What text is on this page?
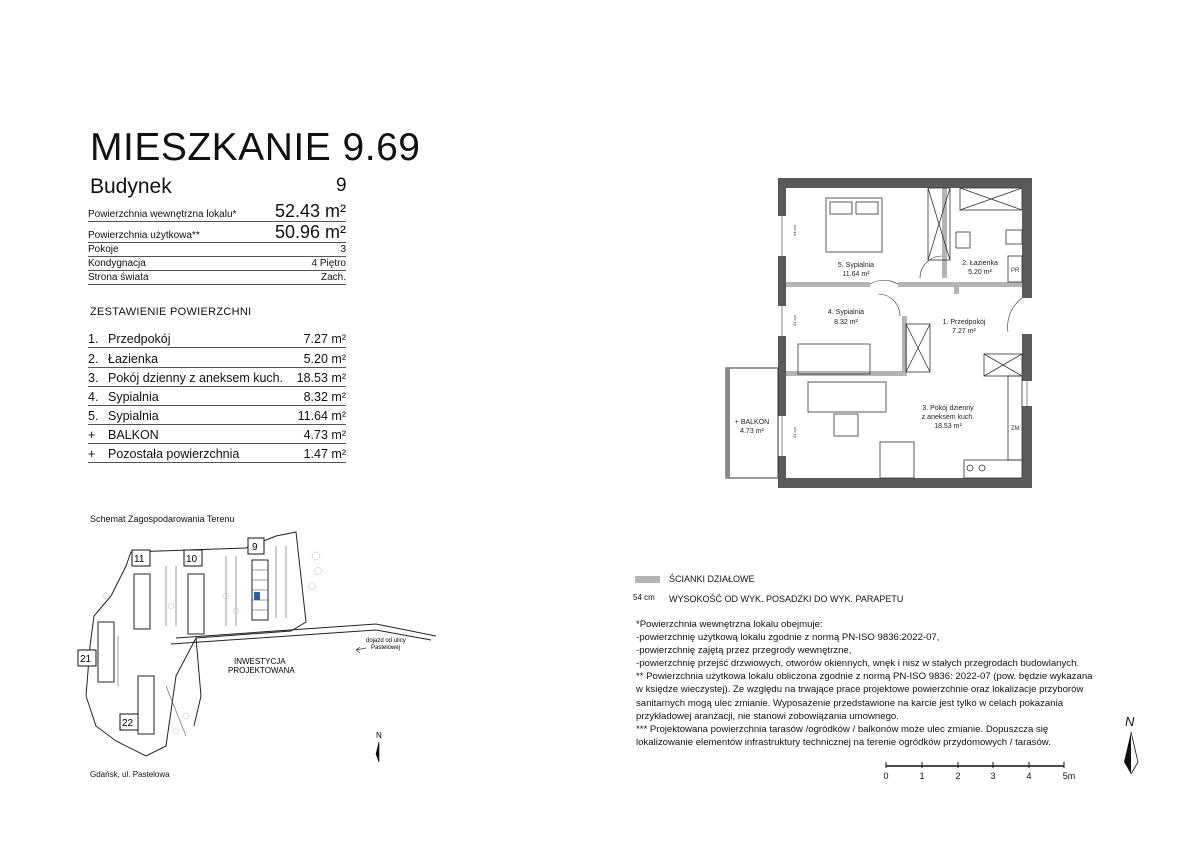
MIESZKANIE 9.69
Budynek	9
Powierzchnia wewnętrzna lokalu* 52.43 m²
Powierzchnia użytkowa**	50.96 m²
Pokoje	3
Kondygnacja	4 Piętro
Strona świata	Zach.
ZESTAWIENIE POWIERZCHNI
1. Przedpokój	7.27 m²
2. Łazienka	5.20 m²
3. Pokój dzienny z aneksem kuch. 18.53 m²
4. Sypialnia	8.32 m²
5. Sypialnia	11.64 m²
+ BALKON	4.73 m²
+ Pozostała powierzchnia	1.47 m²
Schemat Zagospodarowania Terenu
11	10
9
21
22
INWESTYCJA
PROJEKTOWANA
dojazd od ulicy
Pastelowej
N
Gdańsk, ul. Pastelowa
PR
ZM
5. Sypialnia
11.64 m²
2. Łazienka
5.20 m²
4. Sypialnia
8.32 m²	1. Przedpokój
7.27 m²
3. Pokój dzienny
z aneksem kuch.
18.53 m²
+ BALKON
4.73 m²
54 cm
54 cm
54 cm
ŚCIANKI DZIAŁOWE
54 cm WYSOKOŚĆ OD WYK. POSADZKI DO WYK. PARAPETU
*Powierzchnia wewnętrzna lokalu obejmuje:
-powierzchnię użytkową lokalu zgodnie z normą PN-ISO 9836:2022-07,
-powierzchnię zajętą przez przegrody wewnętrzne,
-powierzchnię przejść drzwiowych, otworów okiennych, wnęk i nisz w stałych przegrodach budowlanych.
** Powierzchnia użytkowa lokalu obliczona zgodnie z normą PN-ISO 9836: 2022-07 (pow. będzie wykazana
w księdze wieczystej). Ze względu na trwające prace projektowe powierzchnie oraz lokalizacje przyborów
sanitarnych mogą ulec zmianie. Wyposażenie przedstawione na karcie jest tylko w celach pokazania
przykładowej aranżacji, nie stanowi zobowiązania umownego.
*** Projektowana powierzchnia tarasów /ogródków / balkonów może ulec zmianie. Dopuszcza się
lokalizowanie elementów infrastruktury technicznej na terenie ogródków przydomowych / tarasów.
0	1	2	3	4	5m
N
